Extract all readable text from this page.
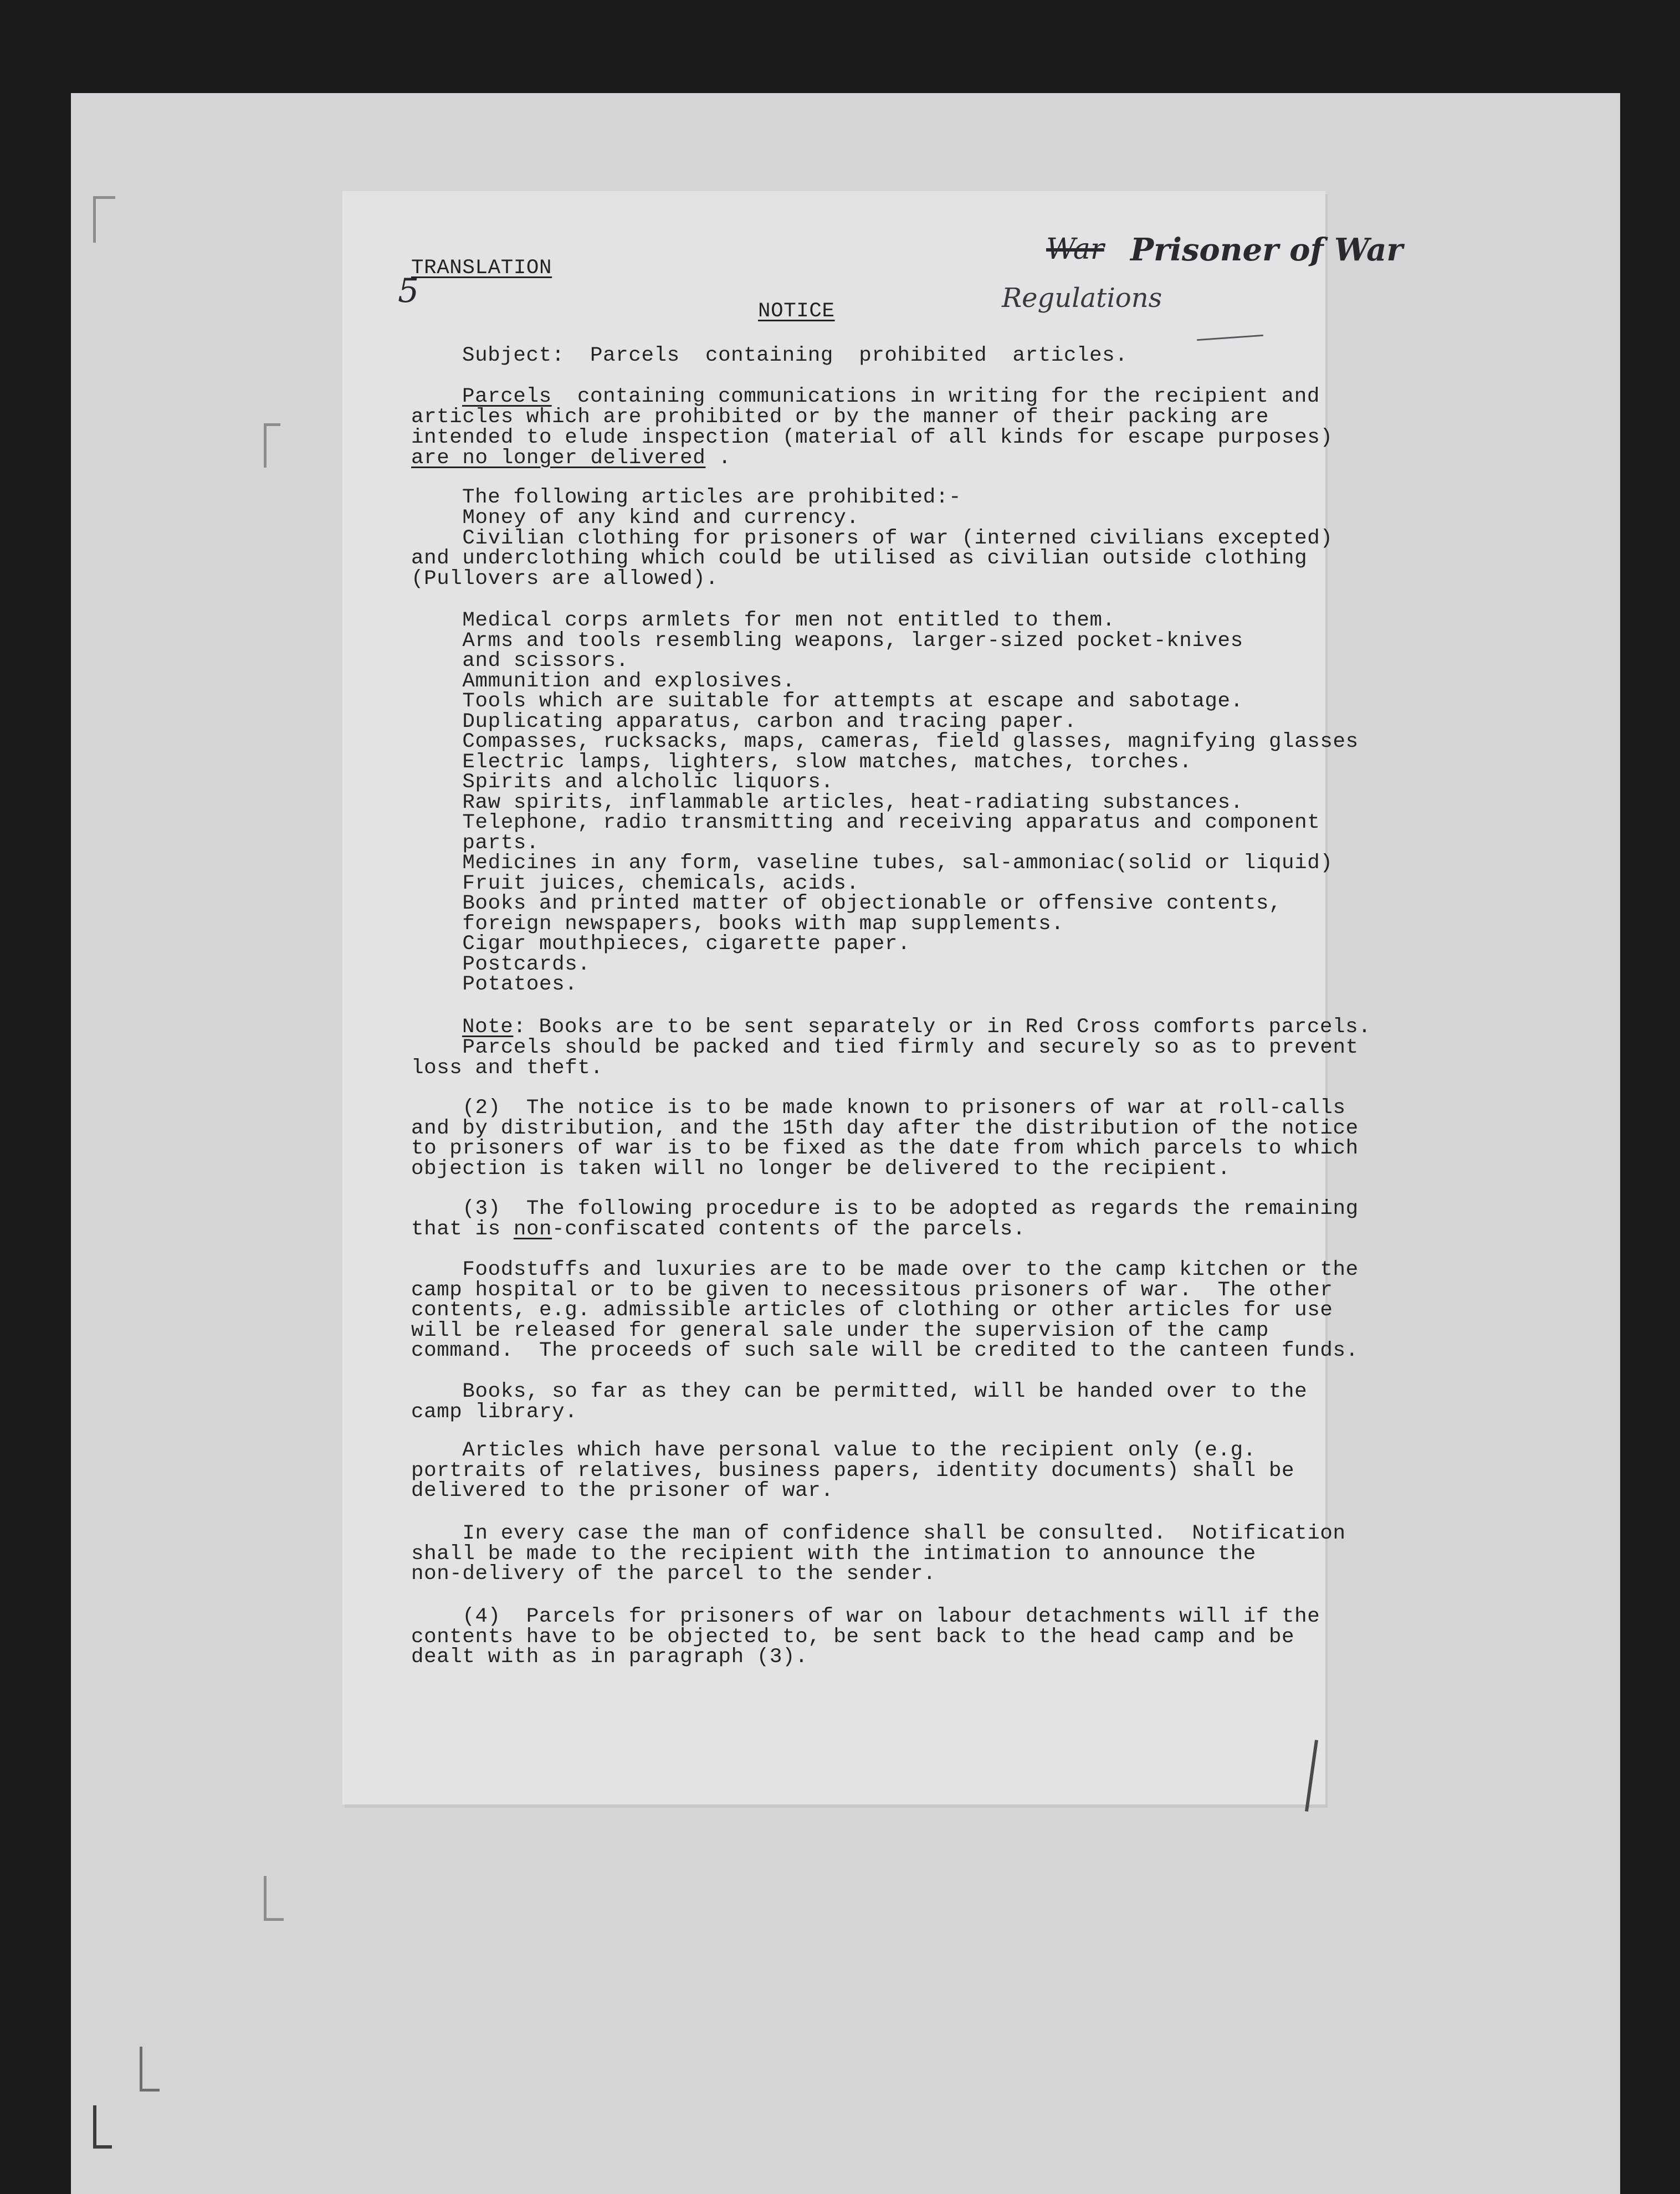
War Prisoner of War
Regulations
5
TRANSLATION
NOTICE
Subject:  Parcels  containing  prohibited  articles.
Parcels  containing communications in writing for the recipient and
articles which are prohibited or by the manner of their packing are
intended to elude inspection (material of all kinds for escape purposes)
are no longer delivered .
The following articles are prohibited:-
Money of any kind and currency.
Civilian clothing for prisoners of war (interned civilians excepted)
and underclothing which could be utilised as civilian outside clothing
(Pullovers are allowed).
Medical corps armlets for men not entitled to them.
Arms and tools resembling weapons, larger-sized pocket-knives
and scissors.
Ammunition and explosives.
Tools which are suitable for attempts at escape and sabotage.
Duplicating apparatus, carbon and tracing paper.
Compasses, rucksacks, maps, cameras, field glasses, magnifying glasses
Electric lamps, lighters, slow matches, matches, torches.
Spirits and alcholic liquors.
Raw spirits, inflammable articles, heat-radiating substances.
Telephone, radio transmitting and receiving apparatus and component
parts.
Medicines in any form, vaseline tubes, sal-ammoniac(solid or liquid)
Fruit juices, chemicals, acids.
Books and printed matter of objectionable or offensive contents,
foreign newspapers, books with map supplements.
Cigar mouthpieces, cigarette paper.
Postcards.
Potatoes.
Note: Books are to be sent separately or in Red Cross comforts parcels.
Parcels should be packed and tied firmly and securely so as to prevent
loss and theft.
(2)  The notice is to be made known to prisoners of war at roll-calls
and by distribution, and the 15th day after the distribution of the notice
to prisoners of war is to be fixed as the date from which parcels to which
objection is taken will no longer be delivered to the recipient.
(3)  The following procedure is to be adopted as regards the remaining
that is non-confiscated contents of the parcels.
Foodstuffs and luxuries are to be made over to the camp kitchen or the
camp hospital or to be given to necessitous prisoners of war.  The other
contents, e.g. admissible articles of clothing or other articles for use
will be released for general sale under the supervision of the camp
command.  The proceeds of such sale will be credited to the canteen funds.
Books, so far as they can be permitted, will be handed over to the
camp library.
Articles which have personal value to the recipient only (e.g.
portraits of relatives, business papers, identity documents) shall be
delivered to the prisoner of war.
In every case the man of confidence shall be consulted.  Notification
shall be made to the recipient with the intimation to announce the
non-delivery of the parcel to the sender.
(4)  Parcels for prisoners of war on labour detachments will if the
contents have to be objected to, be sent back to the head camp and be
dealt with as in paragraph (3).
